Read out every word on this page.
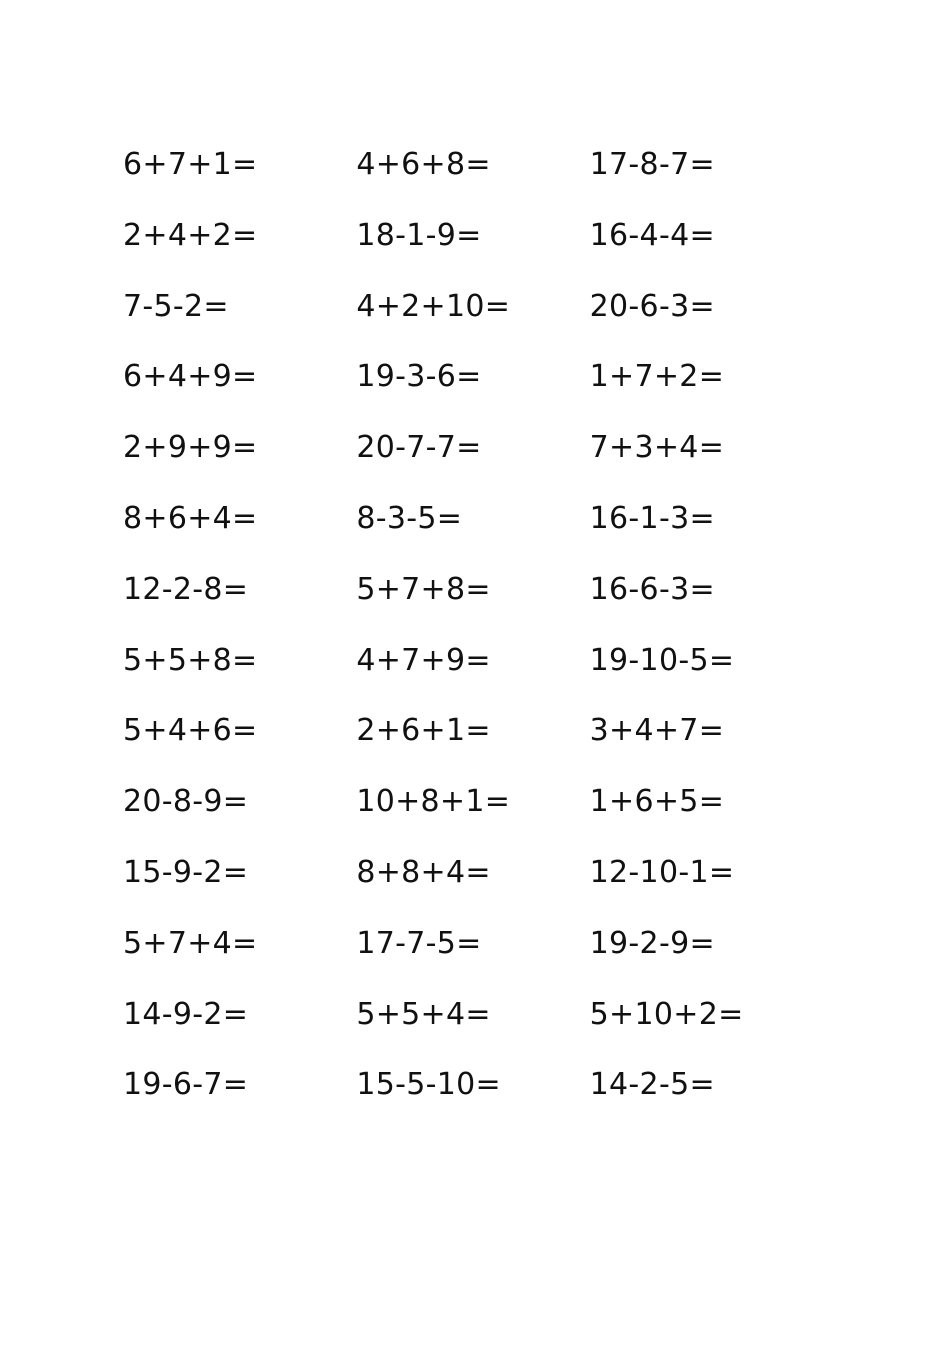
6+7+1=	4+6+8=	17-8-7=
2+4+2=	18-1-9=	16-4-4=
7-5-2=	4+2+10=	20-6-3=
6+4+9=	19-3-6=	1+7+2=
2+9+9=	20-7-7=	7+3+4=
8+6+4=	8-3-5=	16-1-3=
12-2-8=	5+7+8=	16-6-3=
5+5+8=	4+7+9=	19-10-5=
5+4+6=	2+6+1=	3+4+7=
20-8-9=	10+8+1=	1+6+5=
15-9-2=	8+8+4=	12-10-1=
5+7+4=	17-7-5=	19-2-9=
14-9-2=	5+5+4=	5+10+2=
19-6-7=	15-5-10=	14-2-5=
